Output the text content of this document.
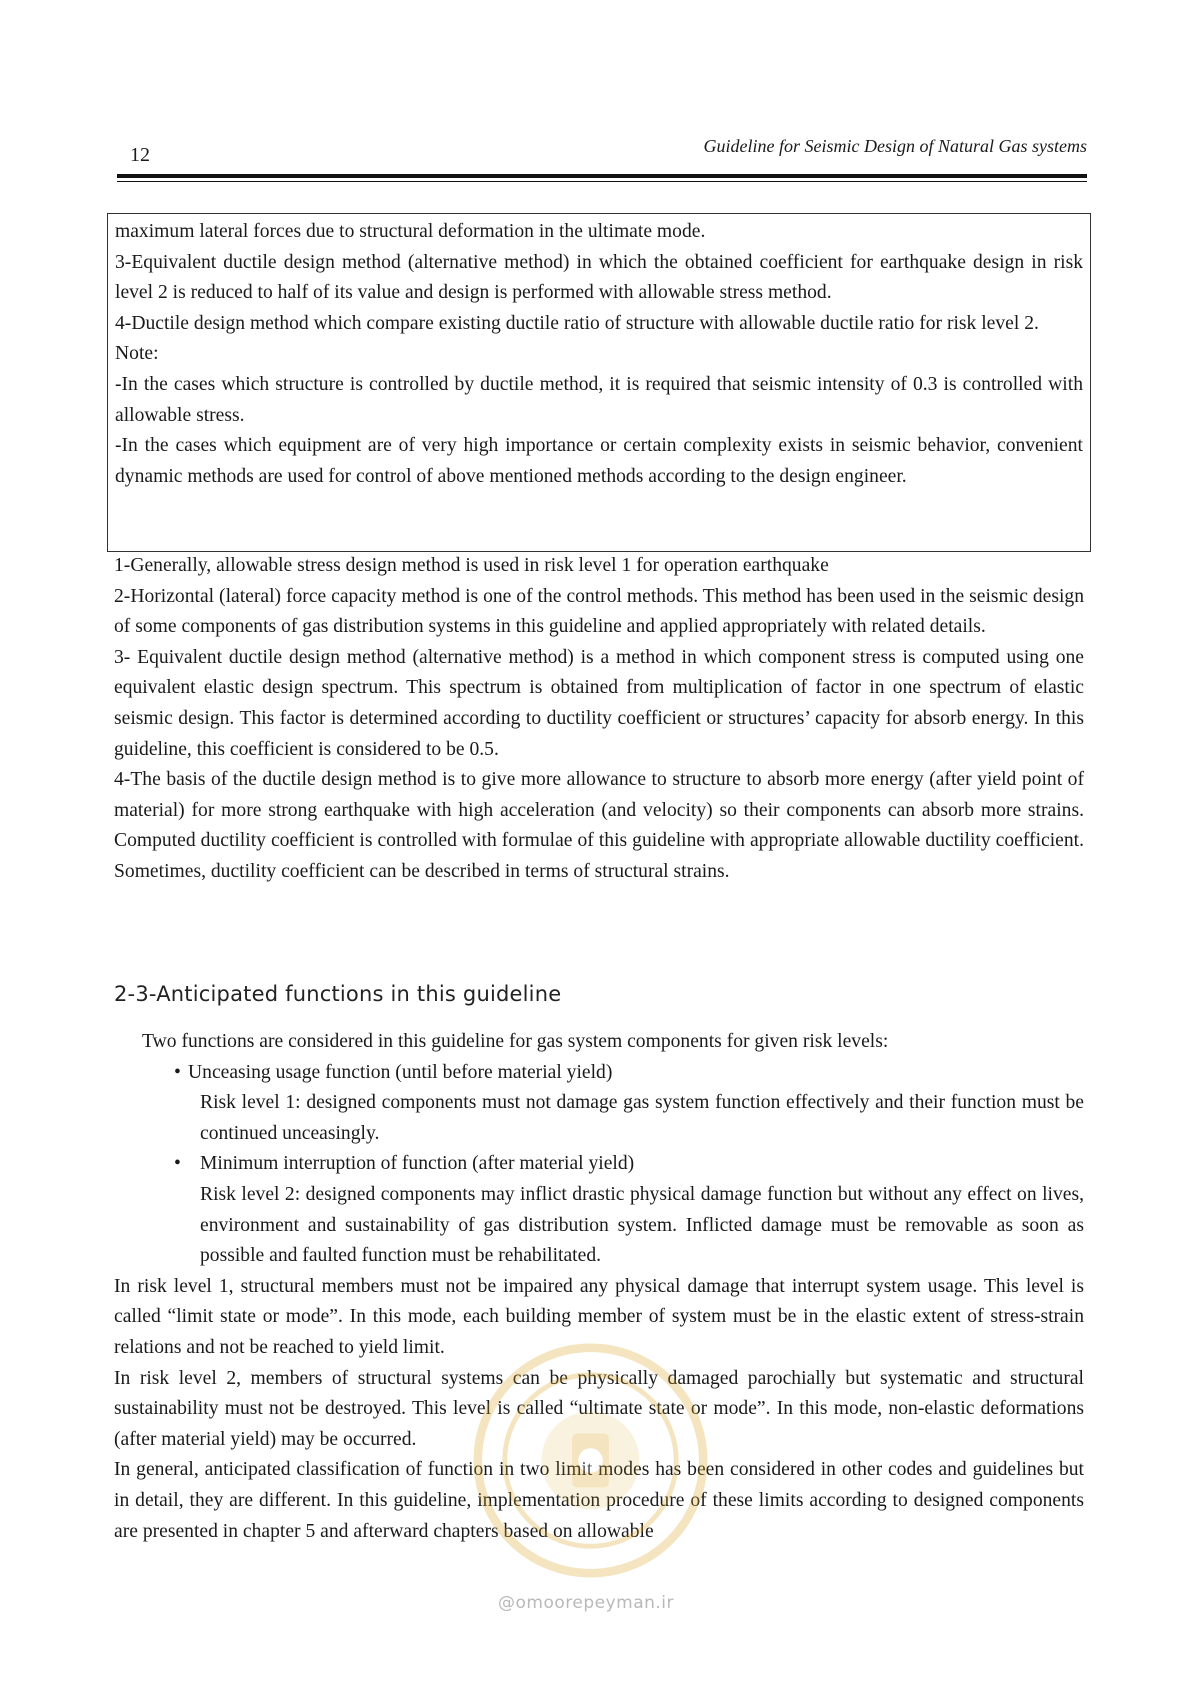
12	Guideline for Seismic Design of Natural Gas systems

maximum lateral forces due to structural deformation in the ultimate mode.

3-Equivalent ductile design method (alternative method) in which the obtained coefficient for earthquake design in risk level 2 is reduced to half of its value and design is performed with allowable stress method.

4-Ductile design method which compare existing ductile ratio of structure with allowable ductile ratio for risk level 2.

Note:

-In the cases which structure is controlled by ductile method, it is required that seismic intensity of 0.3 is controlled with allowable stress.

-In the cases which equipment are of very high importance or certain complexity exists in seismic behavior, convenient dynamic methods are used for control of above mentioned methods according to the design engineer.

1-Generally, allowable stress design method is used in risk level 1 for operation earthquake

2-Horizontal (lateral) force capacity method is one of the control methods. This method has been used in the seismic design of some components of gas distribution systems in this guideline and applied appropriately with related details.

3- Equivalent ductile design method (alternative method) is a method in which component stress is computed using one equivalent elastic design spectrum. This spectrum is obtained from multiplication of factor in one spectrum of elastic seismic design. This factor is determined according to ductility coefficient or structures’ capacity for absorb energy. In this guideline, this coefficient is considered to be 0.5.

4-The basis of the ductile design method is to give more allowance to structure to absorb more energy (after yield point of material) for more strong earthquake with high acceleration (and velocity) so their components can absorb more strains. Computed ductility coefficient is controlled with formulae of this guideline with appropriate allowable ductility coefficient. Sometimes, ductility coefficient can be described in terms of structural strains.

2-3-Anticipated functions in this guideline

Two functions are considered in this guideline for gas system components for given risk levels:

• Unceasing usage function (until before material yield)

Risk level 1: designed components must not damage gas system function effectively and their function must be continued unceasingly.

• Minimum interruption of function (after material yield)

Risk level 2: designed components may inflict drastic physical damage function but without any effect on lives, environment and sustainability of gas distribution system. Inflicted damage must be removable as soon as possible and faulted function must be rehabilitated.

In risk level 1, structural members must not be impaired any physical damage that interrupt system usage. This level is called “limit state or mode”. In this mode, each building member of system must be in the elastic extent of stress-strain relations and not be reached to yield limit.

In risk level 2, members of structural systems can be physically damaged parochially but systematic and structural sustainability must not be destroyed. This level is called “ultimate state or mode”. In this mode, non-elastic deformations (after material yield) may be occurred.

In general, anticipated classification of function in two limit modes has been considered in other codes and guidelines but in detail, they are different. In this guideline, implementation procedure of these limits according to designed components are presented in chapter 5 and afterward chapters based on allowable

@omoorepeyman.ir
